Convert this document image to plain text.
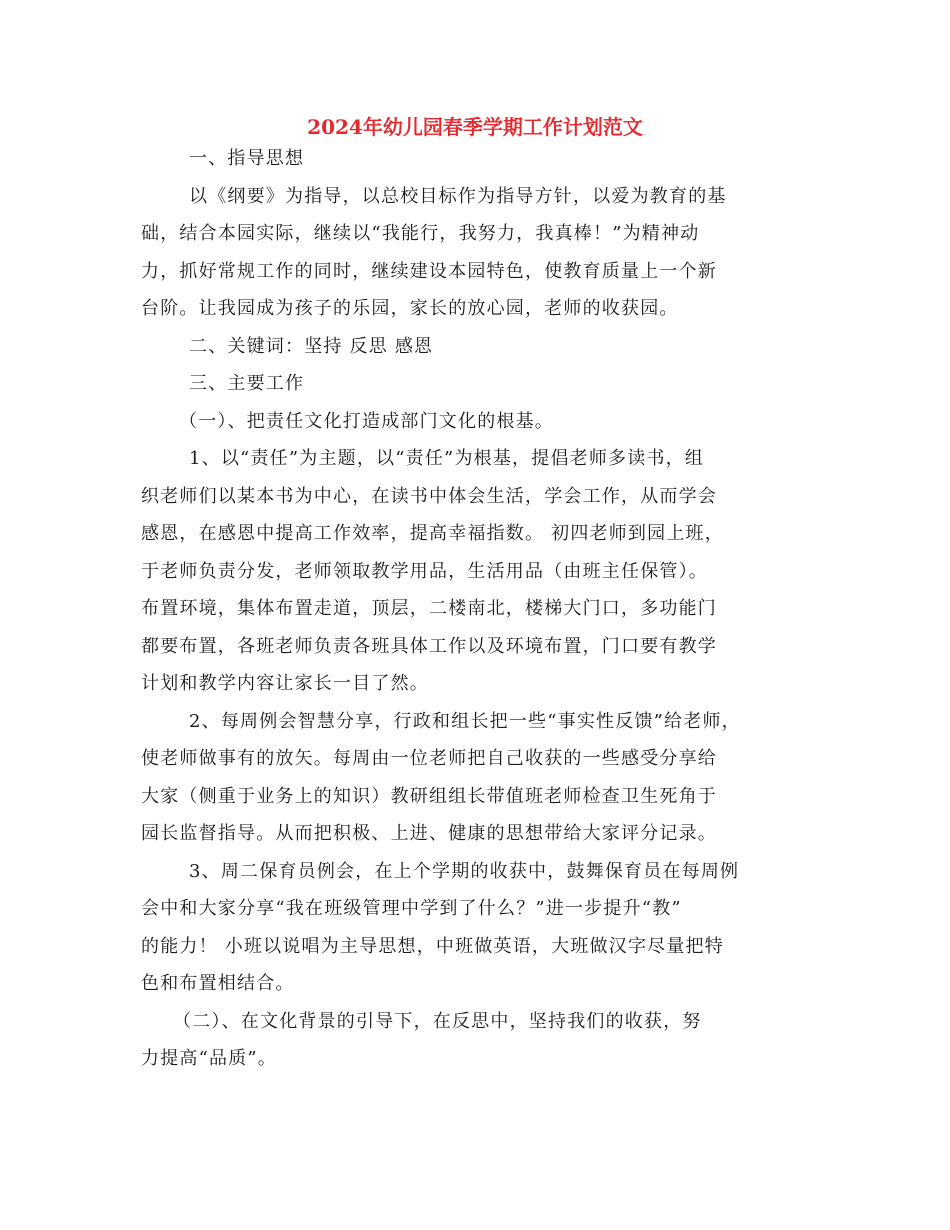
2024年幼儿园春季学期工作计划范文
一、指导思想
以《纲要》为指导，以总校目标作为指导方针，以爱为教育的基
础，结合本园实际，继续以“我能行，我努力，我真棒！”为精神动
力，抓好常规工作的同时，继续建设本园特色，使教育质量上一个新
台阶。让我园成为孩子的乐园，家长的放心园，老师的收获园。
二、关键词：坚持 反思 感恩
三、主要工作
（一）、把责任文化打造成部门文化的根基。
1、以“责任”为主题，以“责任”为根基，提倡老师多读书，组
织老师们以某本书为中心，在读书中体会生活，学会工作，从而学会
感恩，在感恩中提高工作效率，提高幸福指数。 初四老师到园上班，
于老师负责分发，老师领取教学用品，生活用品（由班主任保管）。
布置环境，集体布置走道，顶层，二楼南北，楼梯大门口，多功能门
都要布置，各班老师负责各班具体工作以及环境布置，门口要有教学
计划和教学内容让家长一目了然。
2、每周例会智慧分享，行政和组长把一些“事实性反馈”给老师，
使老师做事有的放矢。每周由一位老师把自己收获的一些感受分享给
大家（侧重于业务上的知识）教研组组长带值班老师检查卫生死角于
园长监督指导。从而把积极、上进、健康的思想带给大家评分记录。
3、周二保育员例会，在上个学期的收获中，鼓舞保育员在每周例
会中和大家分享“我在班级管理中学到了什么？”进一步提升“教”
的能力！ 小班以说唱为主导思想，中班做英语，大班做汉字尽量把特
色和布置相结合。
（二）、在文化背景的引导下，在反思中，坚持我们的收获，努
力提高“品质”。
